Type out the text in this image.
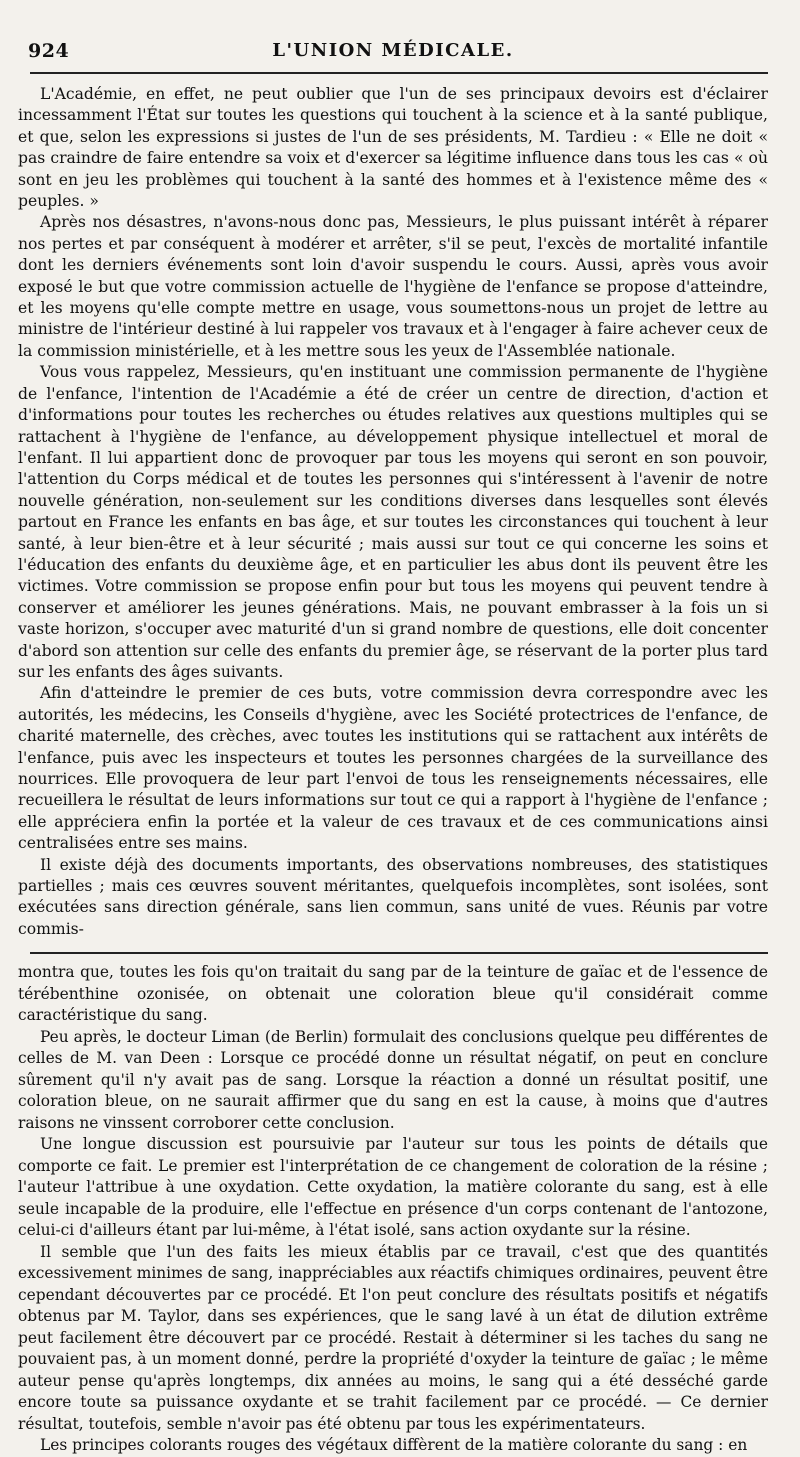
924	L'UNION MÉDICALE.

L'Académie, en effet, ne peut oublier que l'un de ses principaux devoirs est d'éclairer incessamment l'État sur toutes les questions qui touchent à la science et à la santé publique, et que, selon les expressions si justes de l'un de ses présidents, M. Tardieu : « Elle ne doit « pas craindre de faire entendre sa voix et d'exercer sa légitime influence dans tous les cas « où sont en jeu les problèmes qui touchent à la santé des hommes et à l'existence même des « peuples. »

Après nos désastres, n'avons-nous donc pas, Messieurs, le plus puissant intérêt à réparer nos pertes et par conséquent à modérer et arrêter, s'il se peut, l'excès de mortalité infantile dont les derniers événements sont loin d'avoir suspendu le cours. Aussi, après vous avoir exposé le but que votre commission actuelle de l'hygiène de l'enfance se propose d'atteindre, et les moyens qu'elle compte mettre en usage, vous soumettons-nous un projet de lettre au ministre de l'intérieur destiné à lui rappeler vos travaux et à l'engager à faire achever ceux de la commission ministérielle, et à les mettre sous les yeux de l'Assemblée nationale.

Vous vous rappelez, Messieurs, qu'en instituant une commission permanente de l'hygiène de l'enfance, l'intention de l'Académie a été de créer un centre de direction, d'action et d'informations pour toutes les recherches ou études relatives aux questions multiples qui se rattachent à l'hygiène de l'enfance, au développement physique intellectuel et moral de l'enfant. Il lui appartient donc de provoquer par tous les moyens qui seront en son pouvoir, l'attention du Corps médical et de toutes les personnes qui s'intéressent à l'avenir de notre nouvelle génération, non-seulement sur les conditions diverses dans lesquelles sont élevés partout en France les enfants en bas âge, et sur toutes les circonstances qui touchent à leur santé, à leur bien-être et à leur sécurité ; mais aussi sur tout ce qui concerne les soins et l'éducation des enfants du deuxième âge, et en particulier les abus dont ils peuvent être les victimes. Votre commission se propose enfin pour but tous les moyens qui peuvent tendre à conserver et améliorer les jeunes générations. Mais, ne pouvant embrasser à la fois un si vaste horizon, s'occuper avec maturité d'un si grand nombre de questions, elle doit concenter d'abord son attention sur celle des enfants du premier âge, se réservant de la porter plus tard sur les enfants des âges suivants.

Afin d'atteindre le premier de ces buts, votre commission devra correspondre avec les autorités, les médecins, les Conseils d'hygiène, avec les Société protectrices de l'enfance, de charité maternelle, des crèches, avec toutes les institutions qui se rattachent aux intérêts de l'enfance, puis avec les inspecteurs et toutes les personnes chargées de la surveillance des nourrices. Elle provoquera de leur part l'envoi de tous les renseignements nécessaires, elle recueillera le résultat de leurs informations sur tout ce qui a rapport à l'hygiène de l'enfance ; elle appréciera enfin la portée et la valeur de ces travaux et de ces communications ainsi centralisées entre ses mains.

Il existe déjà des documents importants, des observations nombreuses, des statistiques partielles ; mais ces œuvres souvent méritantes, quelquefois incomplètes, sont isolées, sont exécutées sans direction générale, sans lien commun, sans unité de vues. Réunis par votre commis-

montra que, toutes les fois qu'on traitait du sang par de la teinture de gaïac et de l'essence de térébenthine ozonisée, on obtenait une coloration bleue qu'il considérait comme caractéristique du sang.

Peu après, le docteur Liman (de Berlin) formulait des conclusions quelque peu différentes de celles de M. van Deen : Lorsque ce procédé donne un résultat négatif, on peut en conclure sûrement qu'il n'y avait pas de sang. Lorsque la réaction a donné un résultat positif, une coloration bleue, on ne saurait affirmer que du sang en est la cause, à moins que d'autres raisons ne vinssent corroborer cette conclusion.

Une longue discussion est poursuivie par l'auteur sur tous les points de détails que comporte ce fait. Le premier est l'interprétation de ce changement de coloration de la résine ; l'auteur l'attribue à une oxydation. Cette oxydation, la matière colorante du sang, est à elle seule incapable de la produire, elle l'effectue en présence d'un corps contenant de l'antozone, celui-ci d'ailleurs étant par lui-même, à l'état isolé, sans action oxydante sur la résine.

Il semble que l'un des faits les mieux établis par ce travail, c'est que des quantités excessivement minimes de sang, inappréciables aux réactifs chimiques ordinaires, peuvent être cependant découvertes par ce procédé. Et l'on peut conclure des résultats positifs et négatifs obtenus par M. Taylor, dans ses expériences, que le sang lavé à un état de dilution extrême peut facilement être découvert par ce procédé. Restait à déterminer si les taches du sang ne pouvaient pas, à un moment donné, perdre la propriété d'oxyder la teinture de gaïac ; le même auteur pense qu'après longtemps, dix années au moins, le sang qui a été desséché garde encore toute sa puissance oxydante et se trahit facilement par ce procédé. — Ce dernier résultat, toutefois, semble n'avoir pas été obtenu par tous les expérimentateurs.

Les principes colorants rouges des végétaux diffèrent de la matière colorante du sang : en
